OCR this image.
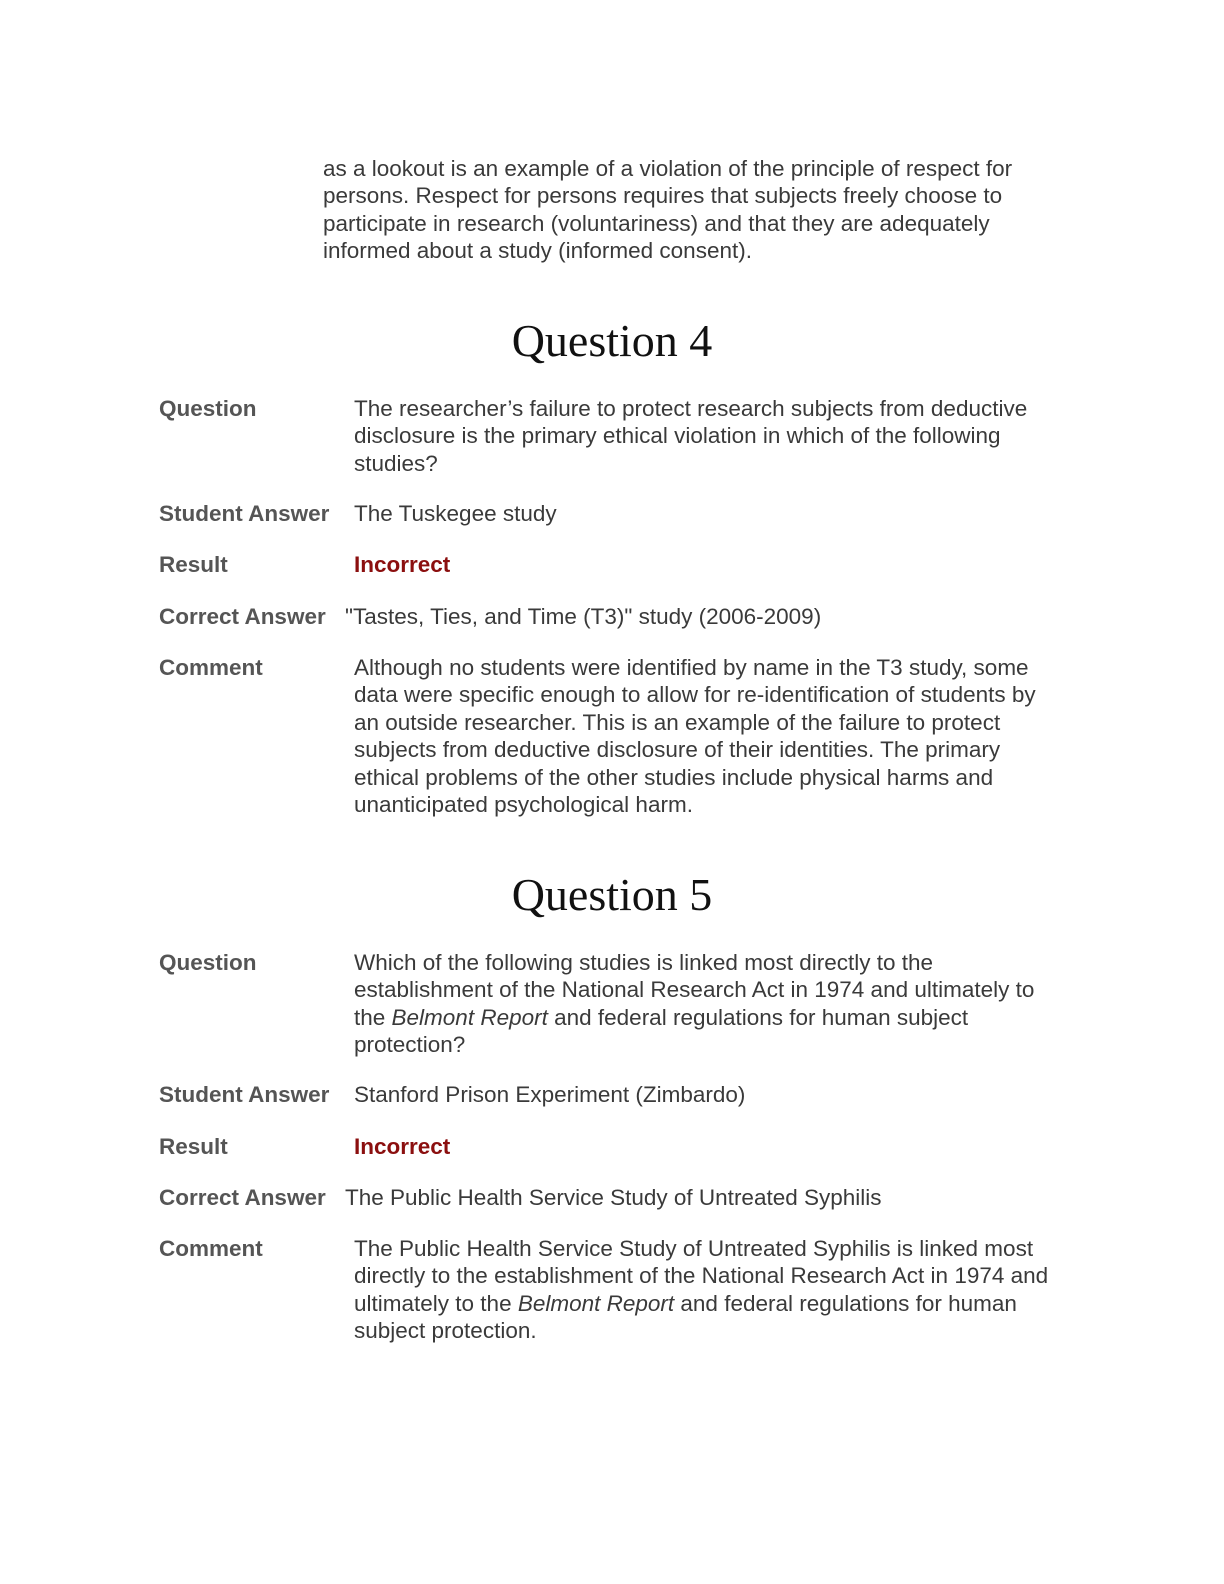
as a lookout is an example of a violation of the principle of respect for persons. Respect for persons requires that subjects freely choose to participate in research (voluntariness) and that they are adequately informed about a study (informed consent).
Question 4
Question	The researcher’s failure to protect research subjects from deductive disclosure is the primary ethical violation in which of the following studies?
Student Answer The Tuskegee study
Result	Incorrect
Correct Answer "Tastes, Ties, and Time (T3)" study (2006-2009)
Comment	Although no students were identified by name in the T3 study, some data were specific enough to allow for re-identification of students by an outside researcher. This is an example of the failure to protect subjects from deductive disclosure of their identities. The primary ethical problems of the other studies include physical harms and unanticipated psychological harm.
Question 5
Question	Which of the following studies is linked most directly to the establishment of the National Research Act in 1974 and ultimately to the Belmont Report and federal regulations for human subject protection?
Student Answer Stanford Prison Experiment (Zimbardo)
Result	Incorrect
Correct Answer The Public Health Service Study of Untreated Syphilis
Comment	The Public Health Service Study of Untreated Syphilis is linked most directly to the establishment of the National Research Act in 1974 and ultimately to the Belmont Report and federal regulations for human subject protection.
